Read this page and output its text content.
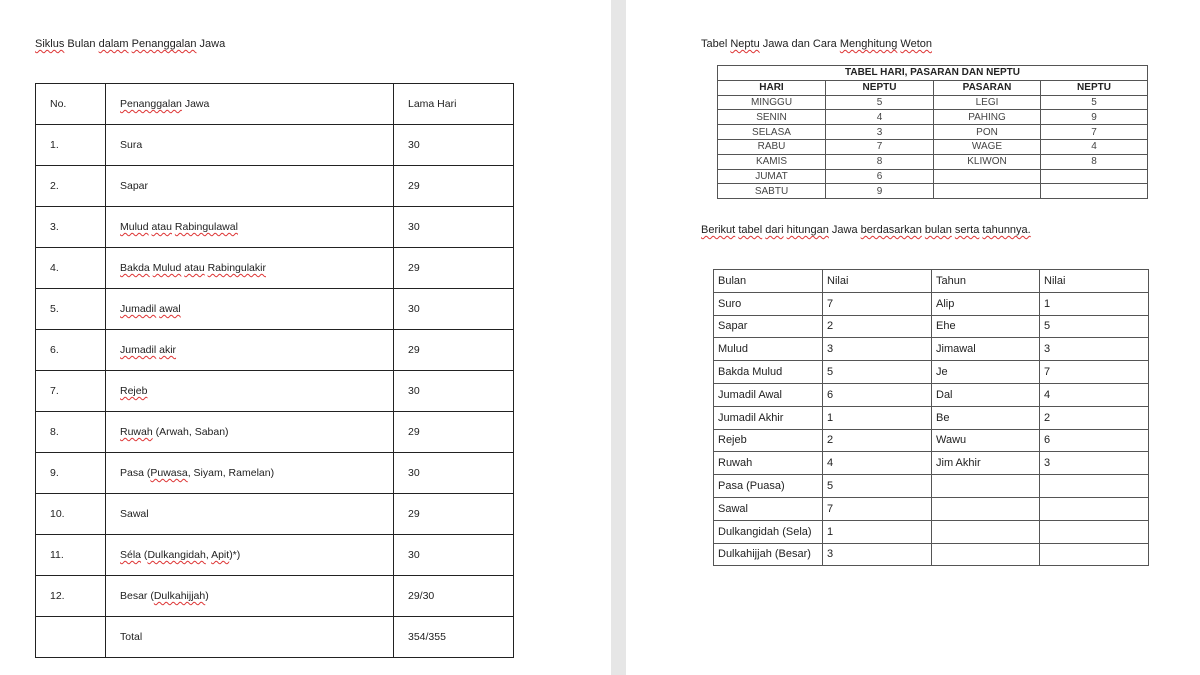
Siklus Bulan dalam Penanggalan Jawa
No.	Penanggalan Jawa	Lama Hari
1.	Sura	30
2.	Sapar	29
3.	Mulud atau Rabingulawal	30
4.	Bakda Mulud atau Rabingulakir	29
5.	Jumadil awal	30
6.	Jumadil akir	29
7.	Rejeb	30
8.	Ruwah (Arwah, Saban)	29
9.	Pasa (Puwasa, Siyam, Ramelan)	30
10.	Sawal	29
11.	Séla (Dulkangidah, Apit)*)	30
12.	Besar (Dulkahijjah)	29/30
	Total	354/355
Tabel Neptu Jawa dan Cara Menghitung Weton
TABEL HARI, PASARAN DAN NEPTU			
HARI	NEPTU	PASARAN	NEPTU
MINGGU	5	LEGI	5
SENIN	4	PAHING	9
SELASA	3	PON	7
RABU	7	WAGE	4
KAMIS	8	KLIWON	8
JUMAT	6		
SABTU	9		
Berikut tabel dari hitungan Jawa berdasarkan bulan serta tahunnya.
Bulan	Nilai	Tahun	Nilai
Suro	7	Alip	1
Sapar	2	Ehe	5
Mulud	3	Jimawal	3
Bakda Mulud	5	Je	7
Jumadil Awal	6	Dal	4
Jumadil Akhir	1	Be	2
Rejeb	2	Wawu	6
Ruwah	4	Jim Akhir	3
Pasa (Puasa)	5		
Sawal	7		
Dulkangidah (Sela)	1		
Dulkahijjah (Besar)	3		
